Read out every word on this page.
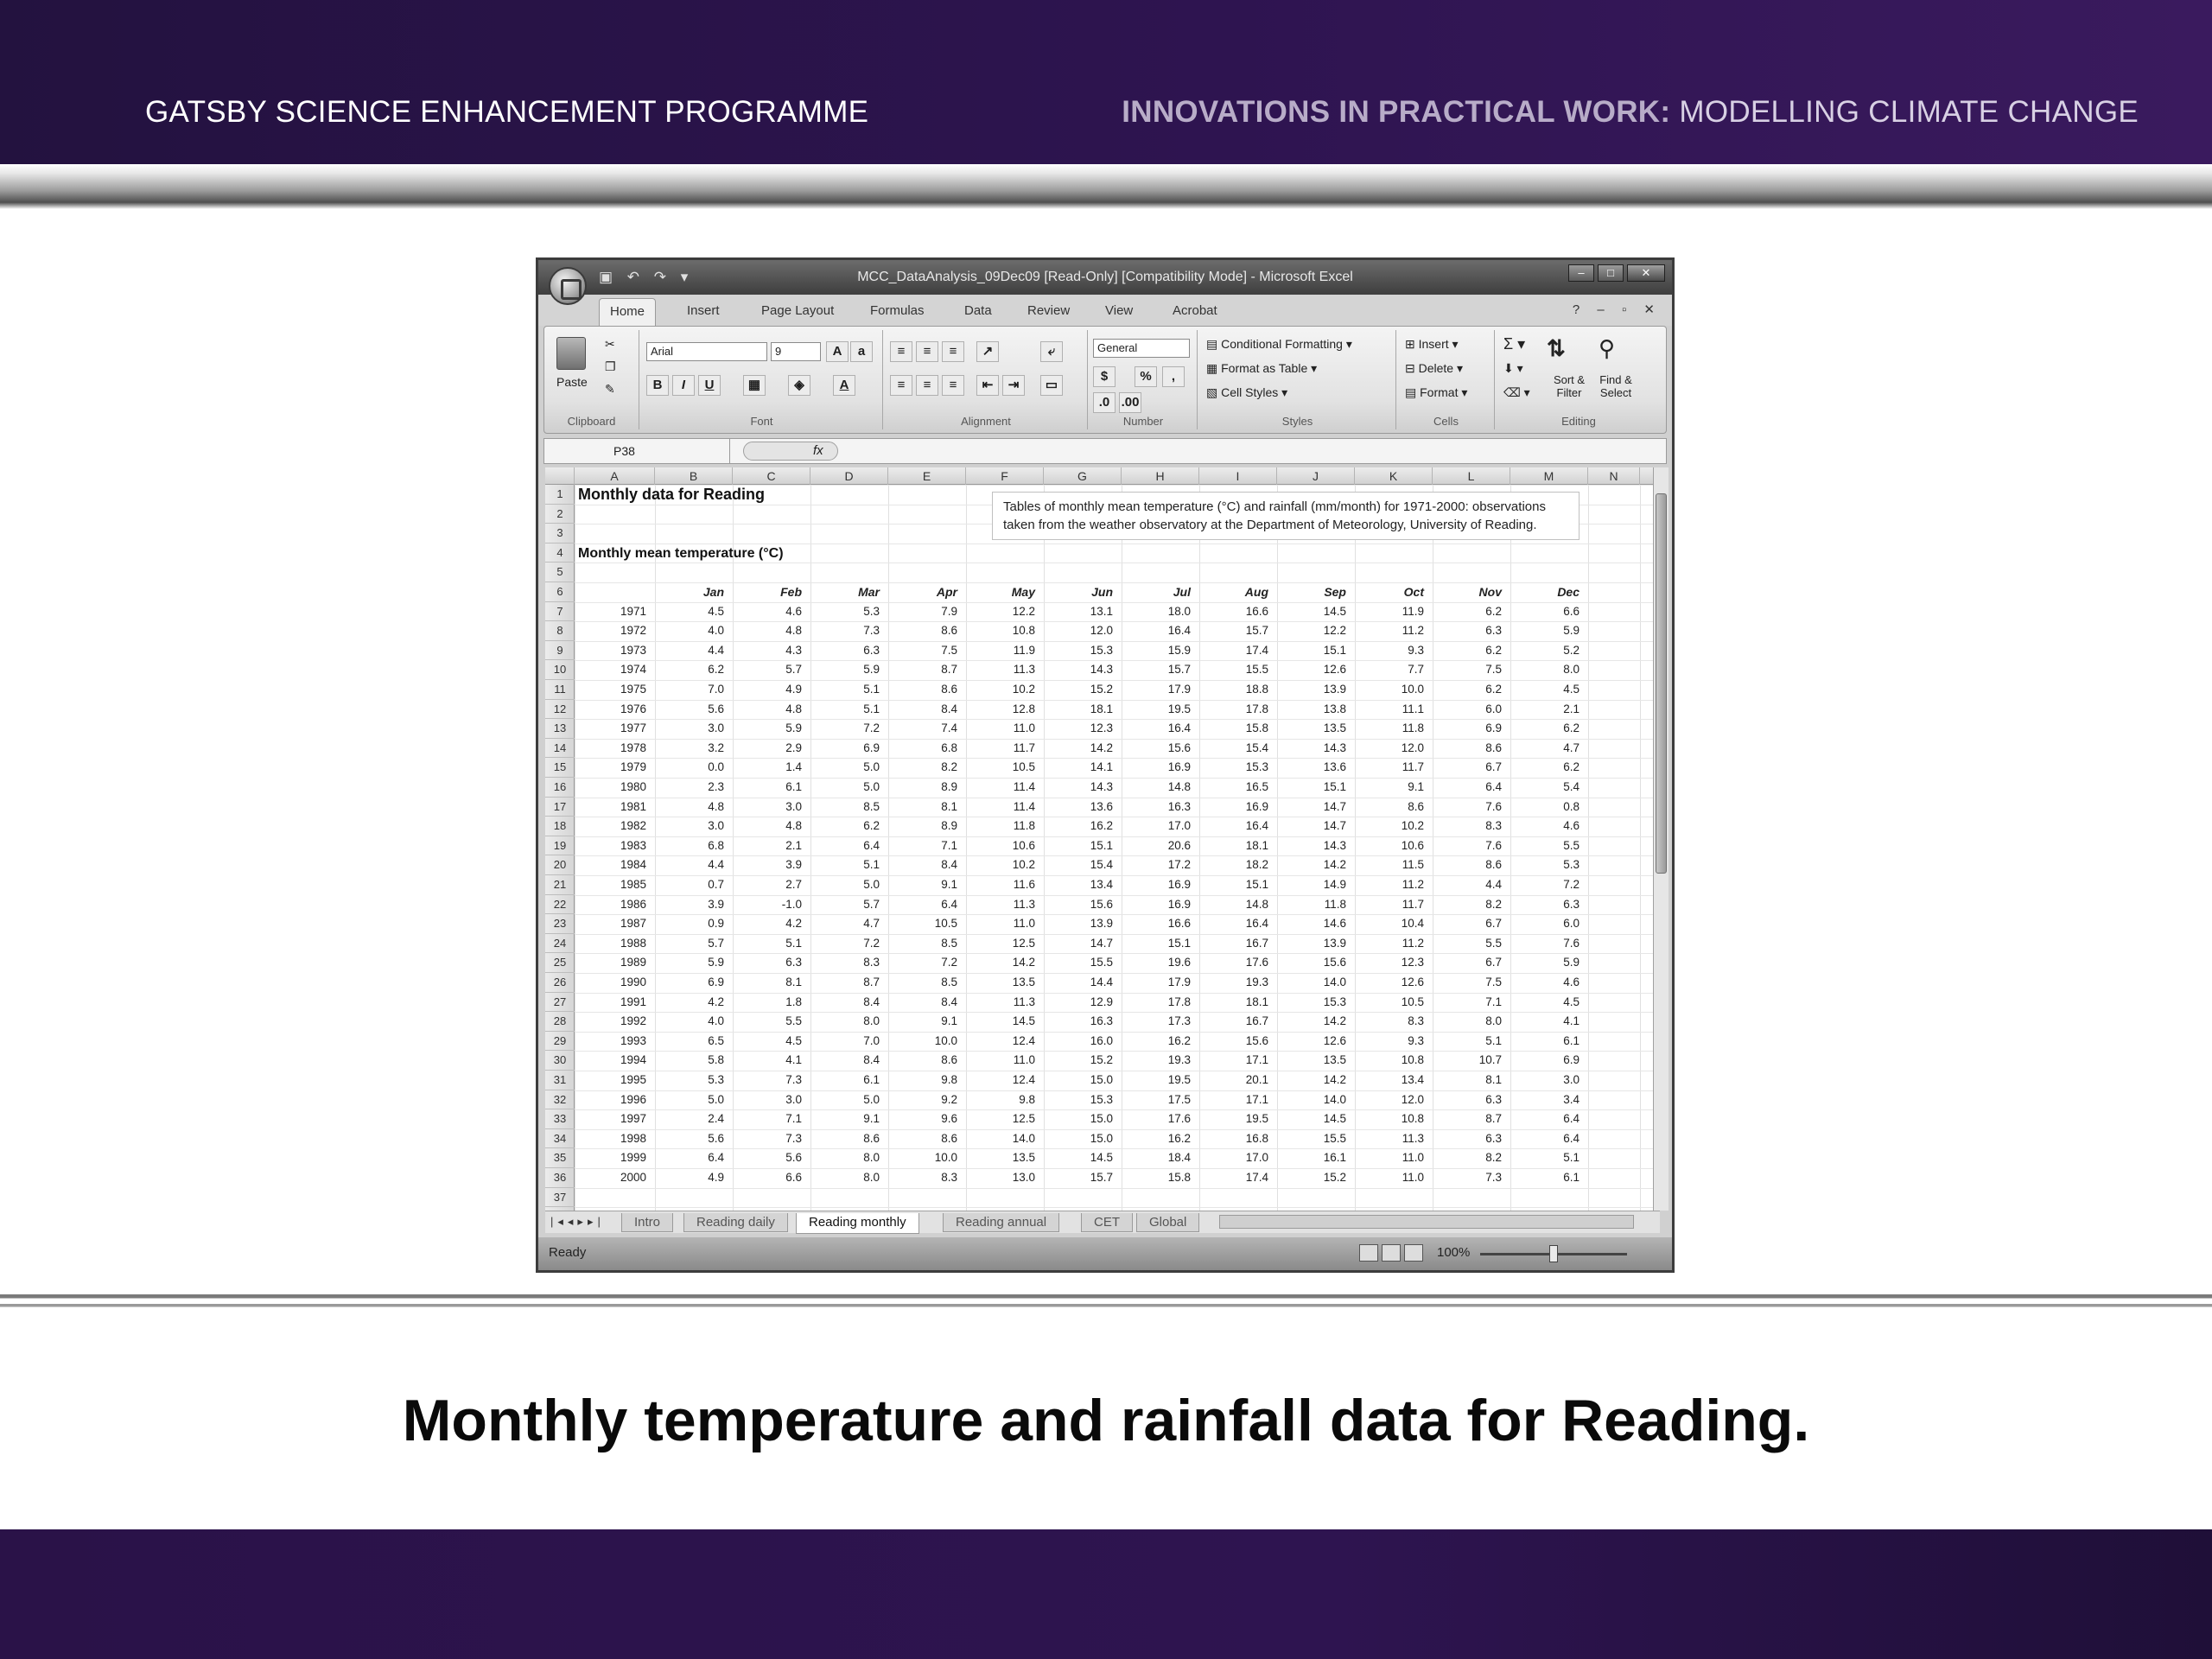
GATSBY SCIENCE ENHANCEMENT PROGRAMME	INNOVATIONS IN PRACTICAL WORK: MODELLING CLIMATE CHANGE
MCC_DataAnalysis_09Dec09 [Read-Only] [Compatibility Mode] - Microsoft Excel
▣ ↶ ↷ ▾	–	□	✕
Home	Insert	Page Layout	Formulas	Data	Review	View	Acrobat	? – ▫ ✕
Paste
✂
❐
✎
Clipboard
Arial	9	A	a
B	I	U	▦	◈	A
Font
≡	≡	≡	↗	⤶
≡	≡	≡	⇤	⇥	▭
Alignment
General
$	%	,
.0 .00
Number
▤ Conditional Formatting ▾
▦ Format as Table ▾
▧ Cell Styles ▾
Styles
⊞ Insert ▾
⊟ Delete ▾
▤ Format ▾
Cells
Σ ▾
⬇ ▾
⌫ ▾
⇅
Sort & Filter
⚲
Find & Select
Editing
P38	fx
A	B	C	D	E	F	G	H	I	J	K	L	M	N
1
2
3
4
5
6
7
8
9
10
11
12
13
14
15
16
17
18
19
20
21
22
23
24
25
26
27
28
29
30
31
32
33
34
35
36
37
Jan	Feb	Mar	Apr	May	Jun	Jul	Aug	Sep	Oct	Nov	Dec
1971	4.5	4.6	5.3	7.9	12.2	13.1	18.0	16.6	14.5	11.9	6.2	6.6
1972	4.0	4.8	7.3	8.6	10.8	12.0	16.4	15.7	12.2	11.2	6.3	5.9
1973	4.4	4.3	6.3	7.5	11.9	15.3	15.9	17.4	15.1	9.3	6.2	5.2
1974	6.2	5.7	5.9	8.7	11.3	14.3	15.7	15.5	12.6	7.7	7.5	8.0
1975	7.0	4.9	5.1	8.6	10.2	15.2	17.9	18.8	13.9	10.0	6.2	4.5
1976	5.6	4.8	5.1	8.4	12.8	18.1	19.5	17.8	13.8	11.1	6.0	2.1
1977	3.0	5.9	7.2	7.4	11.0	12.3	16.4	15.8	13.5	11.8	6.9	6.2
1978	3.2	2.9	6.9	6.8	11.7	14.2	15.6	15.4	14.3	12.0	8.6	4.7
1979	0.0	1.4	5.0	8.2	10.5	14.1	16.9	15.3	13.6	11.7	6.7	6.2
1980	2.3	6.1	5.0	8.9	11.4	14.3	14.8	16.5	15.1	9.1	6.4	5.4
1981	4.8	3.0	8.5	8.1	11.4	13.6	16.3	16.9	14.7	8.6	7.6	0.8
1982	3.0	4.8	6.2	8.9	11.8	16.2	17.0	16.4	14.7	10.2	8.3	4.6
1983	6.8	2.1	6.4	7.1	10.6	15.1	20.6	18.1	14.3	10.6	7.6	5.5
1984	4.4	3.9	5.1	8.4	10.2	15.4	17.2	18.2	14.2	11.5	8.6	5.3
1985	0.7	2.7	5.0	9.1	11.6	13.4	16.9	15.1	14.9	11.2	4.4	7.2
1986	3.9	-1.0	5.7	6.4	11.3	15.6	16.9	14.8	11.8	11.7	8.2	6.3
1987	0.9	4.2	4.7	10.5	11.0	13.9	16.6	16.4	14.6	10.4	6.7	6.0
1988	5.7	5.1	7.2	8.5	12.5	14.7	15.1	16.7	13.9	11.2	5.5	7.6
1989	5.9	6.3	8.3	7.2	14.2	15.5	19.6	17.6	15.6	12.3	6.7	5.9
1990	6.9	8.1	8.7	8.5	13.5	14.4	17.9	19.3	14.0	12.6	7.5	4.6
1991	4.2	1.8	8.4	8.4	11.3	12.9	17.8	18.1	15.3	10.5	7.1	4.5
1992	4.0	5.5	8.0	9.1	14.5	16.3	17.3	16.7	14.2	8.3	8.0	4.1
1993	6.5	4.5	7.0	10.0	12.4	16.0	16.2	15.6	12.6	9.3	5.1	6.1
1994	5.8	4.1	8.4	8.6	11.0	15.2	19.3	17.1	13.5	10.8	10.7	6.9
1995	5.3	7.3	6.1	9.8	12.4	15.0	19.5	20.1	14.2	13.4	8.1	3.0
1996	5.0	3.0	5.0	9.2	9.8	15.3	17.5	17.1	14.0	12.0	6.3	3.4
1997	2.4	7.1	9.1	9.6	12.5	15.0	17.6	19.5	14.5	10.8	8.7	6.4
1998	5.6	7.3	8.6	8.6	14.0	15.0	16.2	16.8	15.5	11.3	6.3	6.4
1999	6.4	5.6	8.0	10.0	13.5	14.5	18.4	17.0	16.1	11.0	8.2	5.1
2000	4.9	6.6	8.0	8.3	13.0	15.7	15.8	17.4	15.2	11.0	7.3	6.1
Monthly data for Reading
Monthly mean temperature (°C)
Tables of monthly mean temperature (°C) and rainfall (mm/month) for 1971-2000: observations taken from the weather observatory at the Department of Meteorology, University of Reading.
|◂◂▸▸|	Intro	Reading daily	Reading monthly	Reading annual	CET	Global
Ready	100%
Monthly temperature and rainfall data for Reading.
